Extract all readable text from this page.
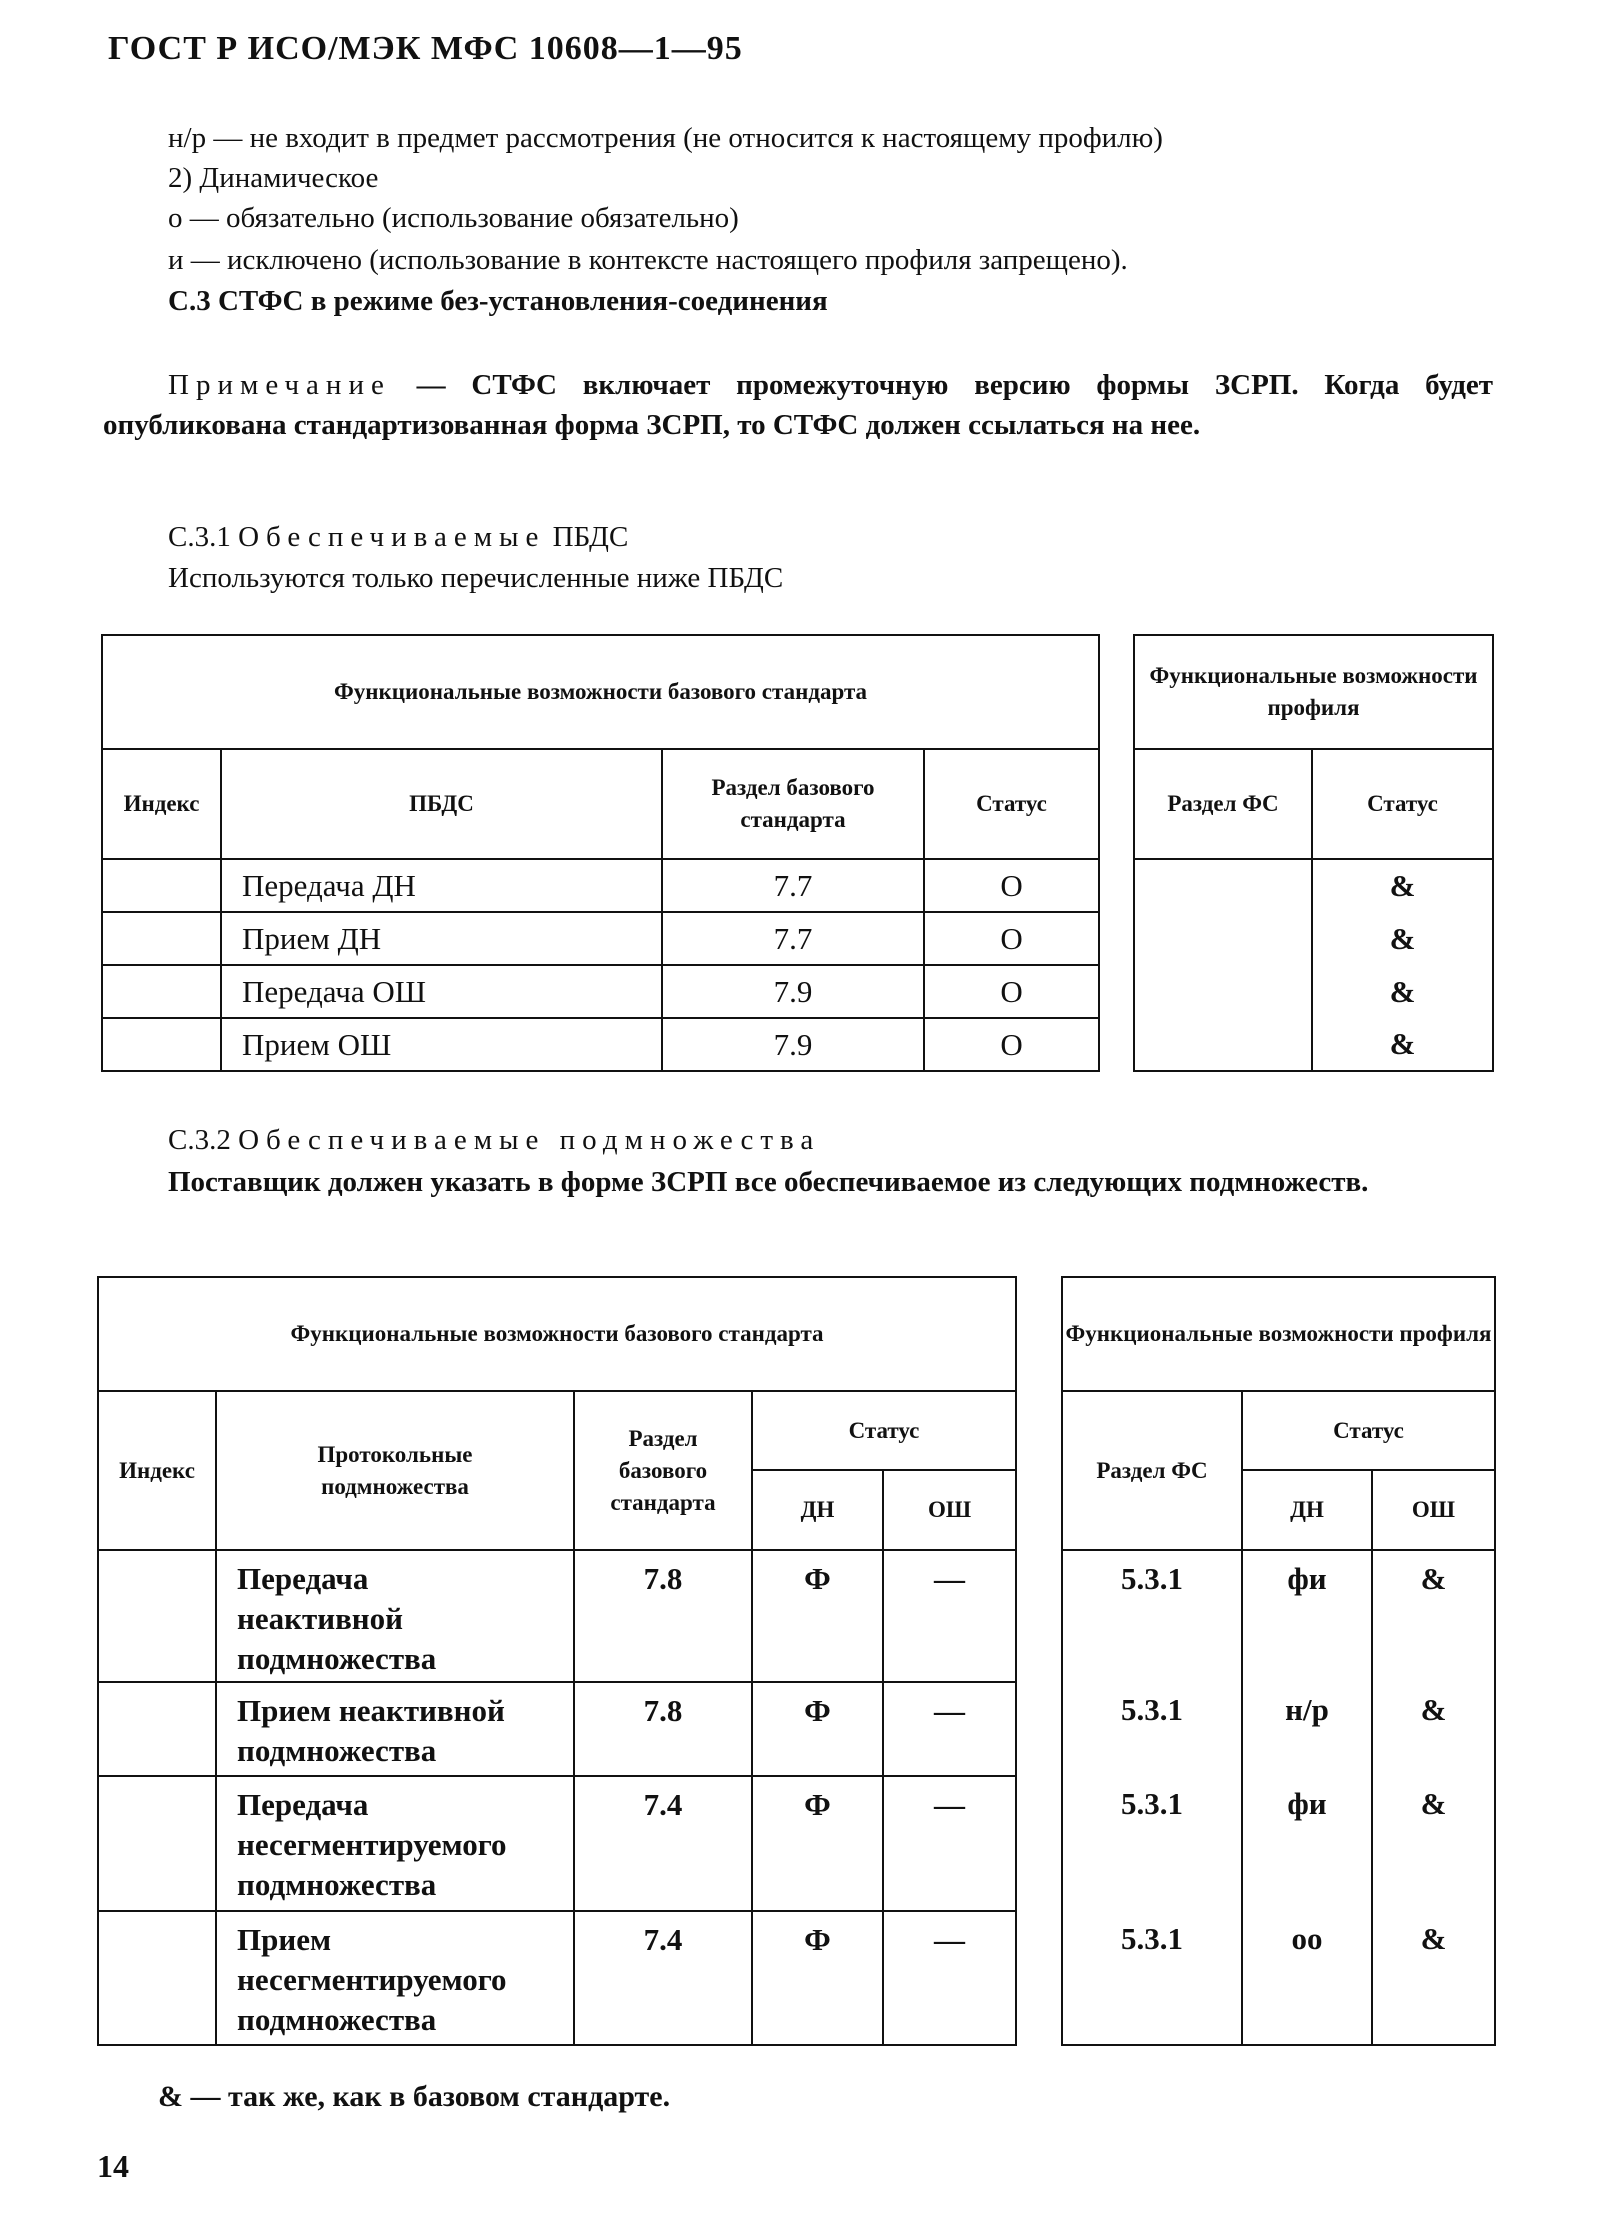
ГОСТ Р ИСО/МЭК МФС 10608—1—95
н/р — не входит в предмет рассмотрения (не относится к настоящему профилю)
2) Динамическое
о — обязательно (использование обязательно)
и — исключено (использование в контексте настоящего профиля запрещено).
С.3 СТФС в режиме без-установления-соединения
Примечание — СТФС включает промежуточную версию формы ЗСРП. Когда будет опубликована стандартизованная форма ЗСРП, то СТФС должен ссылаться на нее.
С.3.1 Обеспечиваемые ПБДС
Используются только перечисленные ниже ПБДС
Функциональные возможности базового стандарта			
Индекс	ПБДС	Раздел базового стандарта	Статус
	Передача ДН	7.7	О
	Прием ДН	7.7	О
	Передача ОШ	7.9	О
	Прием ОШ	7.9	О
Функциональные возможности профиля	
Раздел ФС	Статус
	&
	&
	&
	&
С.3.2 Обеспечиваемые подмножества
Поставщик должен указать в форме ЗСРП все обеспечиваемое из следующих подмножеств.
Функциональные возможности базового стандарта				
Индекс	Протокольные подмножества	Раздел базового стандарта	Статус	
			ДН	ОШ
	Передача неактивной подмножества	7.8	Ф	—
	Прием неактивной подмножества	7.8	Ф	—
	Передача несегментируемого подмножества	7.4	Ф	—
	Прием несегментируемого подмножества	7.4	Ф	—
Функциональные возможности профиля		
Раздел ФС	Статус	
	ДН	ОШ
5.3.1	фи	&
5.3.1	н/р	&
5.3.1	фи	&
5.3.1	оо	&
& — так же, как в базовом стандарте.
14
